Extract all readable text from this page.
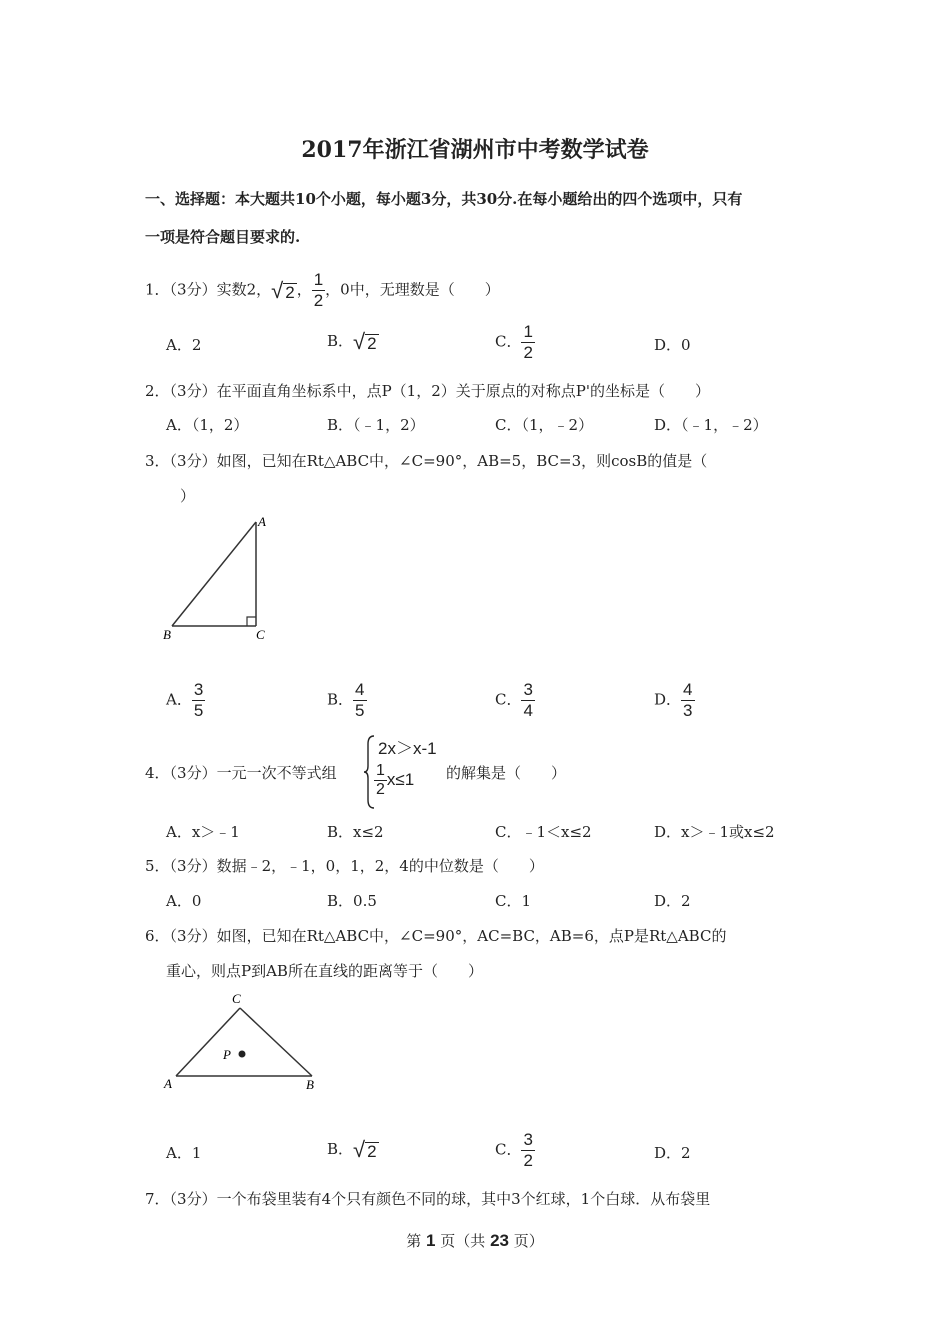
2017年浙江省湖州市中考数学试卷
一、选择题：本大题共10个小题，每小题3分，共30分.在每小题给出的四个选项中，只有
一项是符合题目要求的.
1．（3分）实数2， √ 2 ， $\frac{1}{2}$ ，0中，无理数是（　　）
A．2	B． √ 2	C． $\frac{1}{2}$	D．0
2．（3分）在平面直角坐标系中，点P（1，2）关于原点的对称点P'的坐标是（　　）
A．（1，2）	B．（﹣1，2）	C．（1，﹣2）	D．（﹣1，﹣2）
3．（3分）如图，已知在Rt△ABC中，∠C=90°，AB=5，BC=3，则cosB的值是（
）
A
B	C
A． $\frac{3}{5}$	B． $\frac{4}{5}$	C． $\frac{3}{4}$	D． $\frac{4}{3}$
4．（3分）一元一次不等式组
2x＞x-1
$\frac{1}{2} x\le 1$ 的解集是（　　）
A．x＞﹣1	B．x≤2	C．﹣1＜x≤2	D．x＞﹣1或x≤2
5．（3分）数据﹣2，﹣1，0，1，2，4的中位数是（　　）
A．0	B．0.5	C．1	D．2
6．（3分）如图，已知在Rt△ABC中，∠C=90°，AC=BC，AB=6，点P是Rt△ABC的
重心，则点P到AB所在直线的距离等于（　　）
C
A	B
P
A．1	B． √ 2	C． $\frac{3}{2}$	D．2
7．（3分）一个布袋里装有4个只有颜色不同的球，其中3个红球，1个白球．从布袋里
第 1 页（共 23 页）
